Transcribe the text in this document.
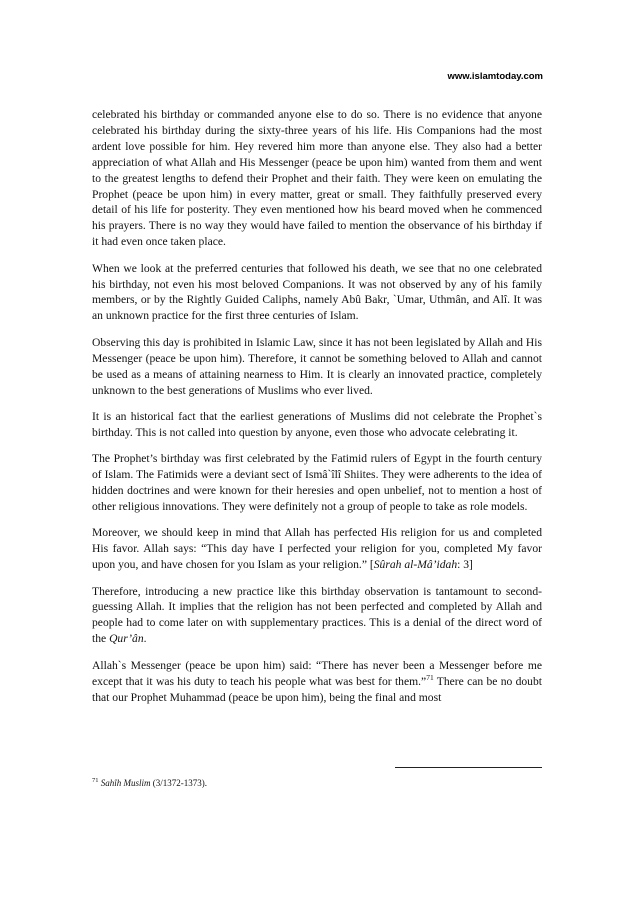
www.islamtoday.com

celebrated his birthday or commanded anyone else to do so. There is no evidence that anyone celebrated his birthday during the sixty-three years of his life. His Companions had the most ardent love possible for him. Hey revered him more than anyone else. They also had a better appreciation of what Allah and His Messenger (peace be upon him) wanted from them and went to the greatest lengths to defend their Prophet and their faith. They were keen on emulating the Prophet (peace be upon him) in every matter, great or small. They faithfully preserved every detail of his life for posterity. They even mentioned how his beard moved when he commenced his prayers. There is no way they would have failed to mention the observance of his birthday if it had even once taken place.

When we look at the preferred centuries that followed his death, we see that no one celebrated his birthday, not even his most beloved Companions. It was not observed by any of his family members, or by the Rightly Guided Caliphs, namely Abû Bakr, `Umar, Uthmân, and Alî. It was an unknown practice for the first three centuries of Islam.

Observing this day is prohibited in Islamic Law, since it has not been legislated by Allah and His Messenger (peace be upon him). Therefore, it cannot be something beloved to Allah and cannot be used as a means of attaining nearness to Him. It is clearly an innovated practice, completely unknown to the best generations of Muslims who ever lived.

It is an historical fact that the earliest generations of Muslims did not celebrate the Prophet`s birthday. This is not called into question by anyone, even those who advocate celebrating it.

The Prophet’s birthday was first celebrated by the Fatimid rulers of Egypt in the fourth century of Islam. The Fatimids were a deviant sect of Ismâ`îlî Shiites. They were adherents to the idea of hidden doctrines and were known for their heresies and open unbelief, not to mention a host of other religious innovations. They were definitely not a group of people to take as role models.

Moreover, we should keep in mind that Allah has perfected His religion for us and completed His favor. Allah says: “This day have I perfected your religion for you, completed My favor upon you, and have chosen for you Islam as your religion.” [Sûrah al-Mâ’idah: 3]

Therefore, introducing a new practice like this birthday observation is tantamount to second-guessing Allah. It implies that the religion has not been perfected and completed by Allah and people had to come later on with supplementary practices. This is a denial of the direct word of the Qur’ân.

Allah`s Messenger (peace be upon him) said: “There has never been a Messenger before me except that it was his duty to teach his people what was best for them.”$^{71}$ There can be no doubt that our Prophet Muhammad (peace be upon him), being the final and most

$^{71}$ Sahîh Muslim (3/1372-1373).
